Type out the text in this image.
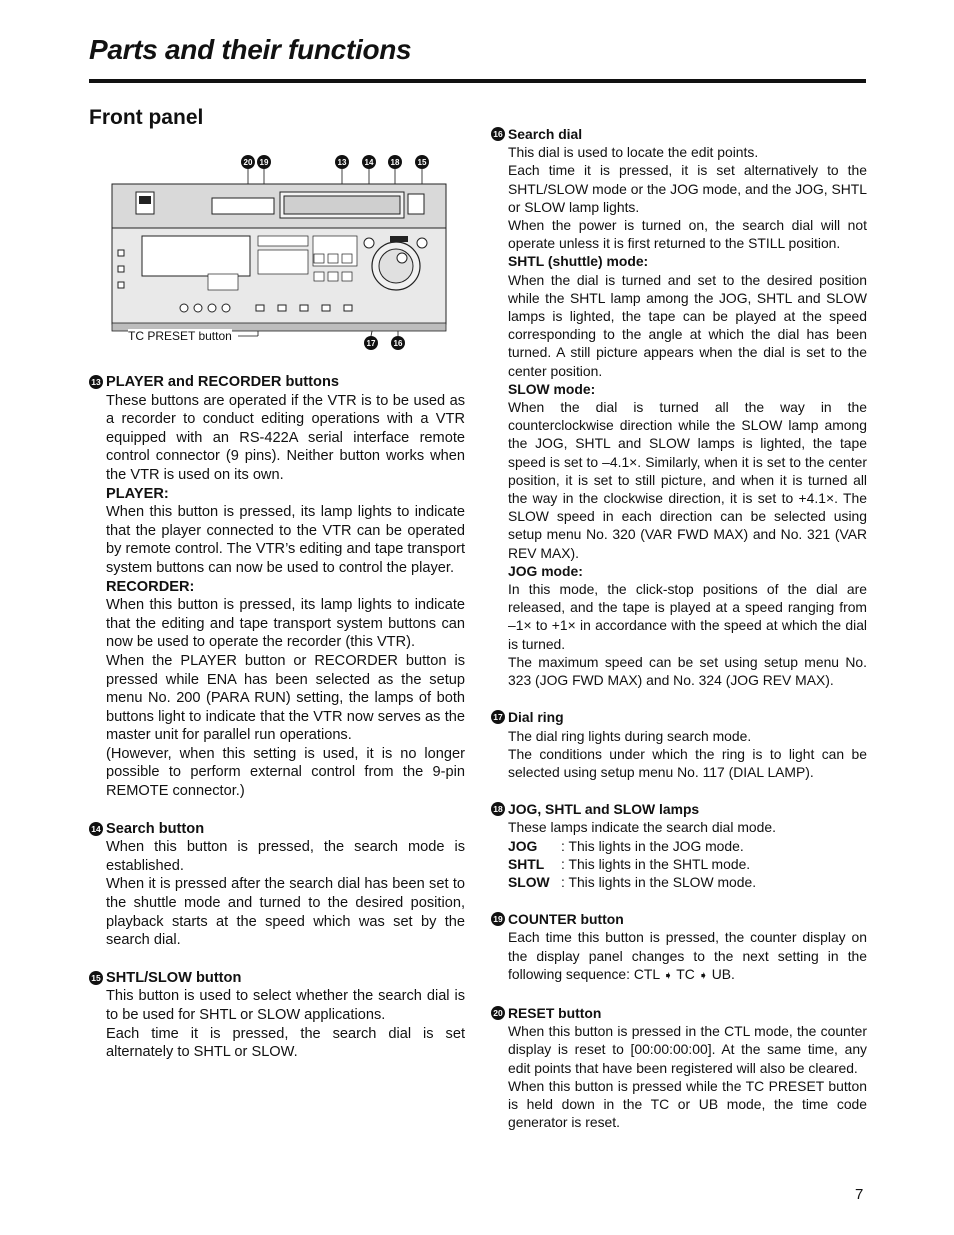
Parts and their functions
Front panel
20 19	13 14 18 15
17 16
TC PRESET button
13 PLAYER and RECORDER buttons

These buttons are operated if the VTR is to be used as a recorder to conduct editing operations with a VTR equipped with an RS-422A serial interface remote control connector (9 pins). Neither button works when the VTR is used on its own.

PLAYER:

When this button is pressed, its lamp lights to indicate that the player connected to the VTR can be operated by remote control. The VTR’s editing and tape transport system buttons can now be used to control the player.

RECORDER:

When this button is pressed, its lamp lights to indicate that the editing and tape transport system buttons can now be used to operate the recorder (this VTR).

When the PLAYER button or RECORDER button is pressed while ENA has been selected as the setup menu No. 200 (PARA RUN) setting, the lamps of both buttons light to indicate that the VTR now serves as the master unit for parallel run operations.

(However, when this setting is used, it is no longer possible to perform external control from the 9-pin REMOTE connector.)

14 Search button

When this button is pressed, the search mode is established.

When it is pressed after the search dial has been set to the shuttle mode and turned to the desired position, playback starts at the speed which was set by the search dial.

15 SHTL/SLOW button

This button is used to select whether the search dial is to be used for SHTL or SLOW applications.

Each time it is pressed, the search dial is set alternately to SHTL or SLOW.

16 Search dial

This dial is used to locate the edit points.

Each time it is pressed, it is set alternatively to the SHTL/SLOW mode or the JOG mode, and the JOG, SHTL or SLOW lamp lights.

When the power is turned on, the search dial will not operate unless it is first returned to the STILL position.

SHTL (shuttle) mode:

When the dial is turned and set to the desired position while the SHTL lamp among the JOG, SHTL and SLOW lamps is lighted, the tape can be played at the speed corresponding to the angle at which the dial has been turned. A still picture appears when the dial is set to the center position.

SLOW mode:

When the dial is turned all the way in the counterclockwise direction while the SLOW lamp among the JOG, SHTL and SLOW lamps is lighted, the tape speed is set to –4.1×. Similarly, when it is set to the center position, it is set to still picture, and when it is turned all the way in the clockwise direction, it is set to +4.1×. The SLOW speed in each direction can be selected using setup menu No. 320 (VAR FWD MAX) and No. 321 (VAR REV MAX).

JOG mode:

In this mode, the click-stop positions of the dial are released, and the tape is played at a speed ranging from –1× to +1× in accordance with the speed at which the dial is turned.

The maximum speed can be set using setup menu No. 323 (JOG FWD MAX) and No. 324 (JOG REV MAX).

17 Dial ring

The dial ring lights during search mode.

The conditions under which the ring is to light can be selected using setup menu No. 117 (DIAL LAMP).

18 JOG, SHTL and SLOW lamps

These lamps indicate the search dial mode.

JOG	: This lights in the JOG mode.
SHTL	: This lights in the SHTL mode.
SLOW : This lights in the SLOW mode.
19 COUNTER button

Each time this button is pressed, the counter display on the display panel changes to the next setting in the following sequence: CTL ➧ TC ➧ UB.

20 RESET button

When this button is pressed in the CTL mode, the counter display is reset to [00:00:00:00]. At the same time, any edit points that have been registered will also be cleared.

When this button is pressed while the TC PRESET button is held down in the TC or UB mode, the time code generator is reset.

7
